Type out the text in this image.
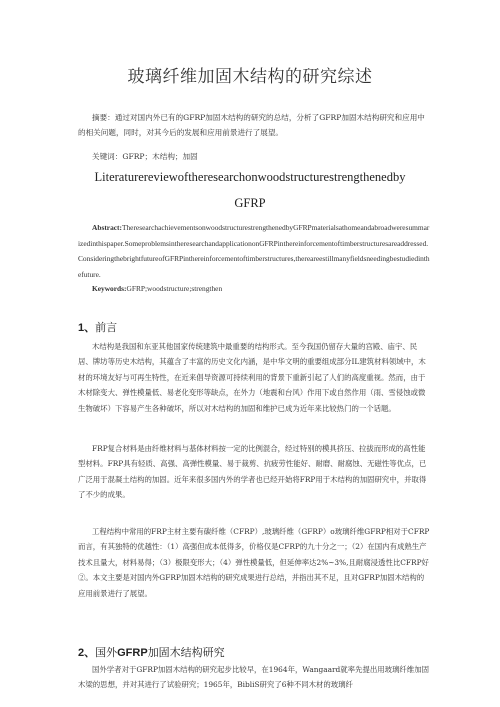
玻璃纤维加固木结构的研究综述
摘要：通过对国内外已有的GFRP加固木结构的研究的总结，分析了GFRP加固木结构研究和应用中的相关问题，同时，对其今后的发展和应用前景进行了展望。
关键词：GFRP；木结构；加固
Literaturereviewoftheresearchonwoodstructurestrengthenedby
GFRP
Abstract:TheresearchachievementsonwoodstructurestrengthenedbyGFRPmaterialsathomeandabroadweresummarizedinthispaper.SomeproblemsintheresearchandapplicationonGFRPinthereinforcementoftimberstructuresareaddressed.ConsideringthebrightfutureofGFRPinthereinforcementoftimberstructures,thereareestillmanyfieldsneedingbestudiedinthefuture.
Keywords:GFRP;woodstructure;strengthen
1、前言
木结构是我国和东亚其他国家传统建筑中最重要的结构形式。至今我国仍留存大量的宫殿、庙宇、民居、牌坊等历史木结构，其蕴含了丰富的历史文化内涵，是中华文明的重要组成部分IL建筑材料领域中，木材的环境友好与可再生特性，在近来倡导资源可持续利用的背景下重新引起了人们的高度重视。然而，由于木材除变大、弹性模量低、易老化变形等缺点，在外力（地震和台风）作用下或自然作用（雨、雪侵蚀或微生物破坏）下容易产生各种破坏，所以对木结构的加固和维护已成为近年来比较热门的一个话题。
FRP复合材料是由纤维材料与基体材料按一定的比例混合，经过特别的模具挤压、拉拔而形成的高性能型材料。FRP具有轻质、高强、高弹性模量、易于裁剪、抗疲劳性能好、耐磨、耐腐蚀、无磁性等优点，已广泛用于混凝土结构的加固。近年来很多国内外的学者也已经开始将FRP用于木结构的加固研究中，并取得了不少的成果。
工程结构中常用的FRP主材主要有碳纤维（CFRP）,玻璃纤维（GFRP）o玻璃纤维GFRP相对于CFRP而言，有其独特的优越性：（1）高强但成本低得多，价格仅是CFRP的九十分之一；（2）在国内有成熟生产技术且量大，材料易得；（3）极限变形大；（4）弹性模量低，但延伸率达2%~3%,且耐腐浸透性比CFRP好②。本文主要是对国内外GFRP加固木结构的研究成果进行总结，并指出其不足，且对GFRP加固木结构的应用前景进行了展望。
2、国外GFRP加固木结构研究
国外学者对于GFRP加固木结构的研究起步比较早，在1964年，Wangaard就率先提出用玻璃纤维加固木梁的思想，并对其进行了试验研究；1965年，BibliS研究了6种不同木材的玻璃纤
